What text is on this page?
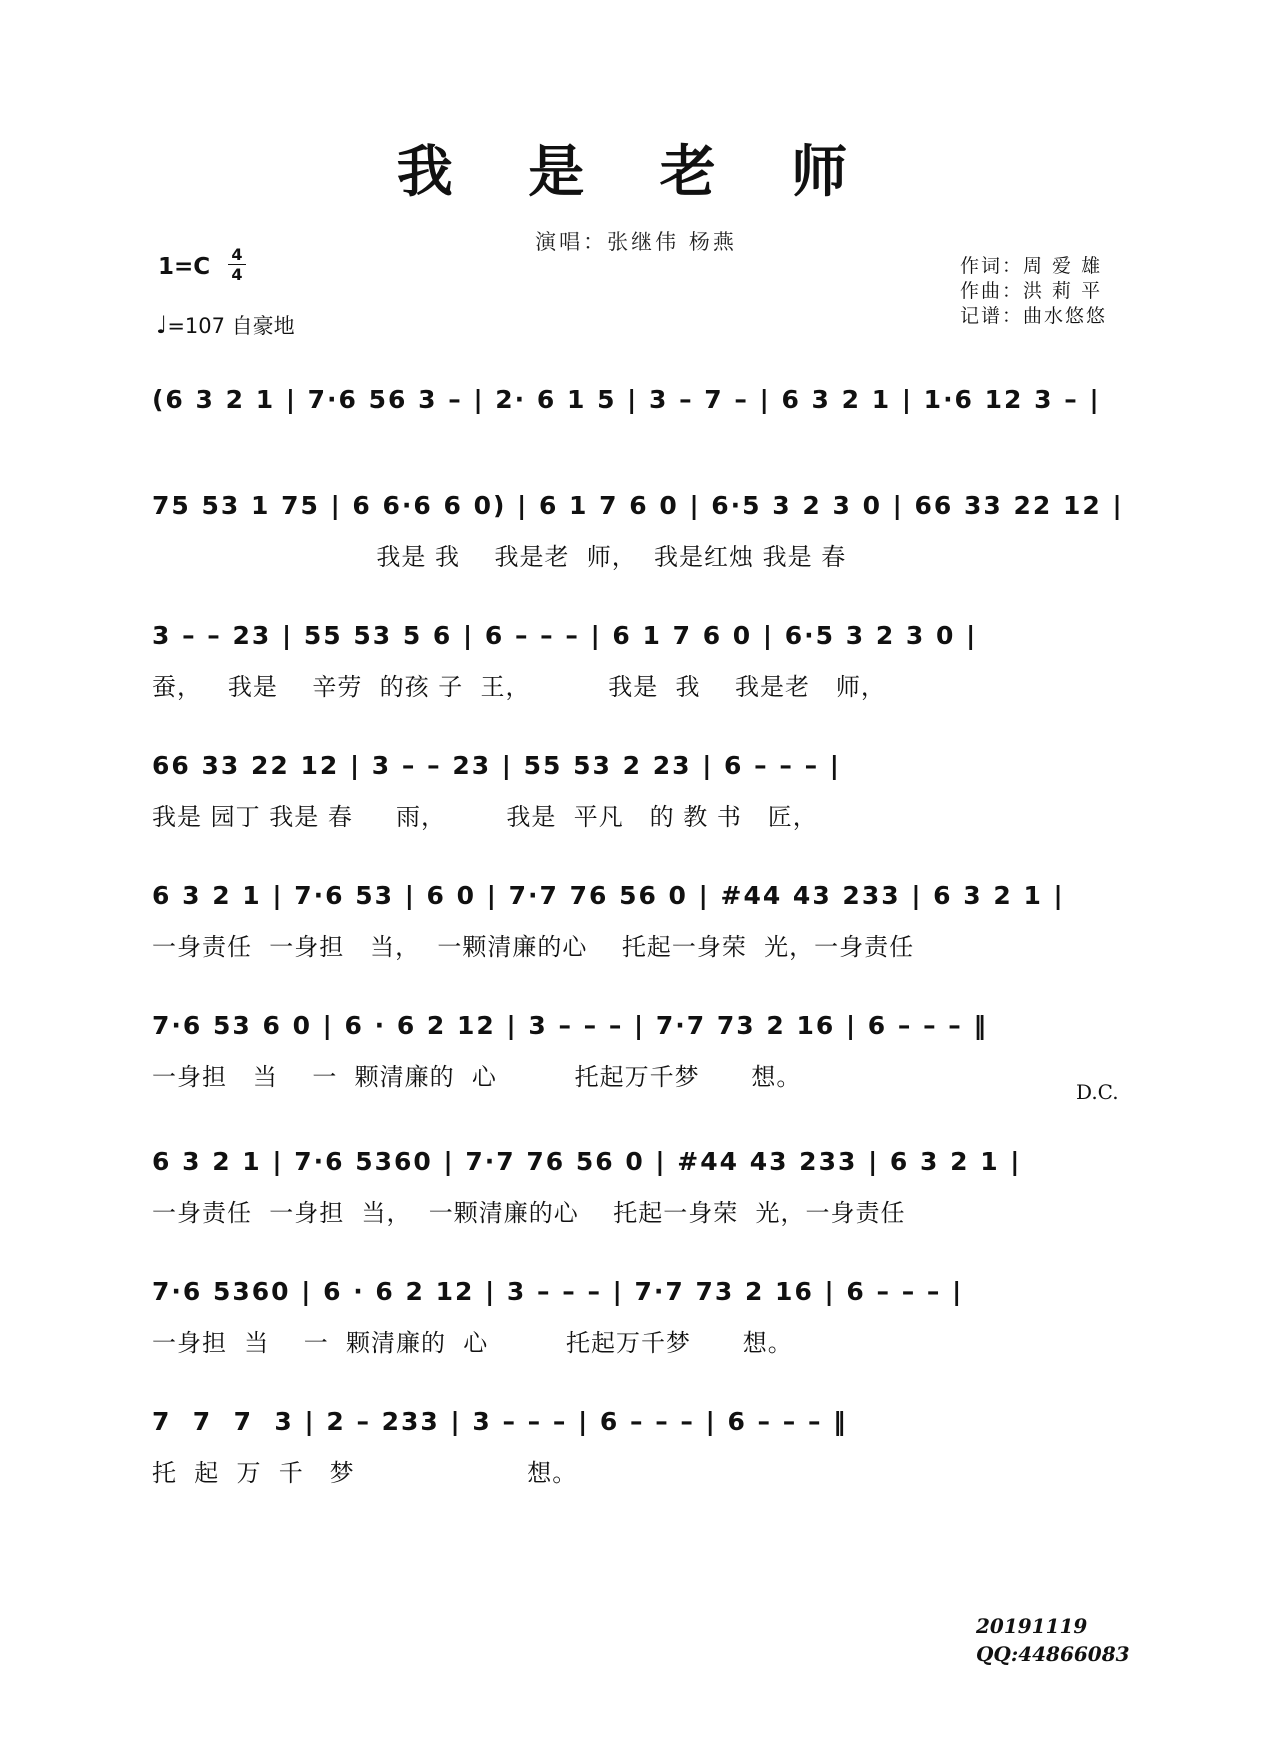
我 是 老 师
演唱：张继伟 杨燕
1=C 4
4
♩=107 自豪地
作词：周 爱 雄
作曲：洪 莉 平
记谱：曲水悠悠
(6 3 2 1 | 7·6 56 3 – | 2· 6 1 5 | 3 – 7 – | 6 3 2 1 | 1·6 12 3 – |
75 53 1 75 | 6 6·6 6 0) | 6 1 7 6 0 | 6·5 3 2 3 0 | 66 33 22 12 |
我是 我    我是老  师，  我是红烛 我是 春
3 – – 23 | 55 53 5 6 | 6 – – – | 6 1 7 6 0 | 6·5 3 2 3 0 |
蚕，   我是    辛劳  的孩 子  王，         我是  我    我是老   师，
66 33 22 12 | 3 – – 23 | 55 53 2 23 | 6 – – – |
我是 园丁 我是 春     雨，       我是  平凡   的 教 书   匠，
6 3 2 1 | 7·6 53 | 6 0 | 7·7 76 56 0 | #44 43 233 | 6 3 2 1 |
一身责任  一身担   当，  一颗清廉的心    托起一身荣  光，一身责任
7·6 53 6 0 | 6 · 6 2 12 | 3 – – – | 7·7 73 2 16 | 6 – – – ‖
一身担   当    一  颗清廉的  心         托起万千梦      想。
D.C.
6 3 2 1 | 7·6 5360 | 7·7 76 56 0 | #44 43 233 | 6 3 2 1 |
一身责任  一身担  当，  一颗清廉的心    托起一身荣  光，一身责任
7·6 5360 | 6 · 6 2 12 | 3 – – – | 7·7 73 2 16 | 6 – – – |
一身担  当    一  颗清廉的  心         托起万千梦      想。
7  7  7  3 | 2 – 233 | 3 – – – | 6 – – – | 6 – – – ‖
托  起  万  千   梦                    想。
20191119
QQ:44866083
